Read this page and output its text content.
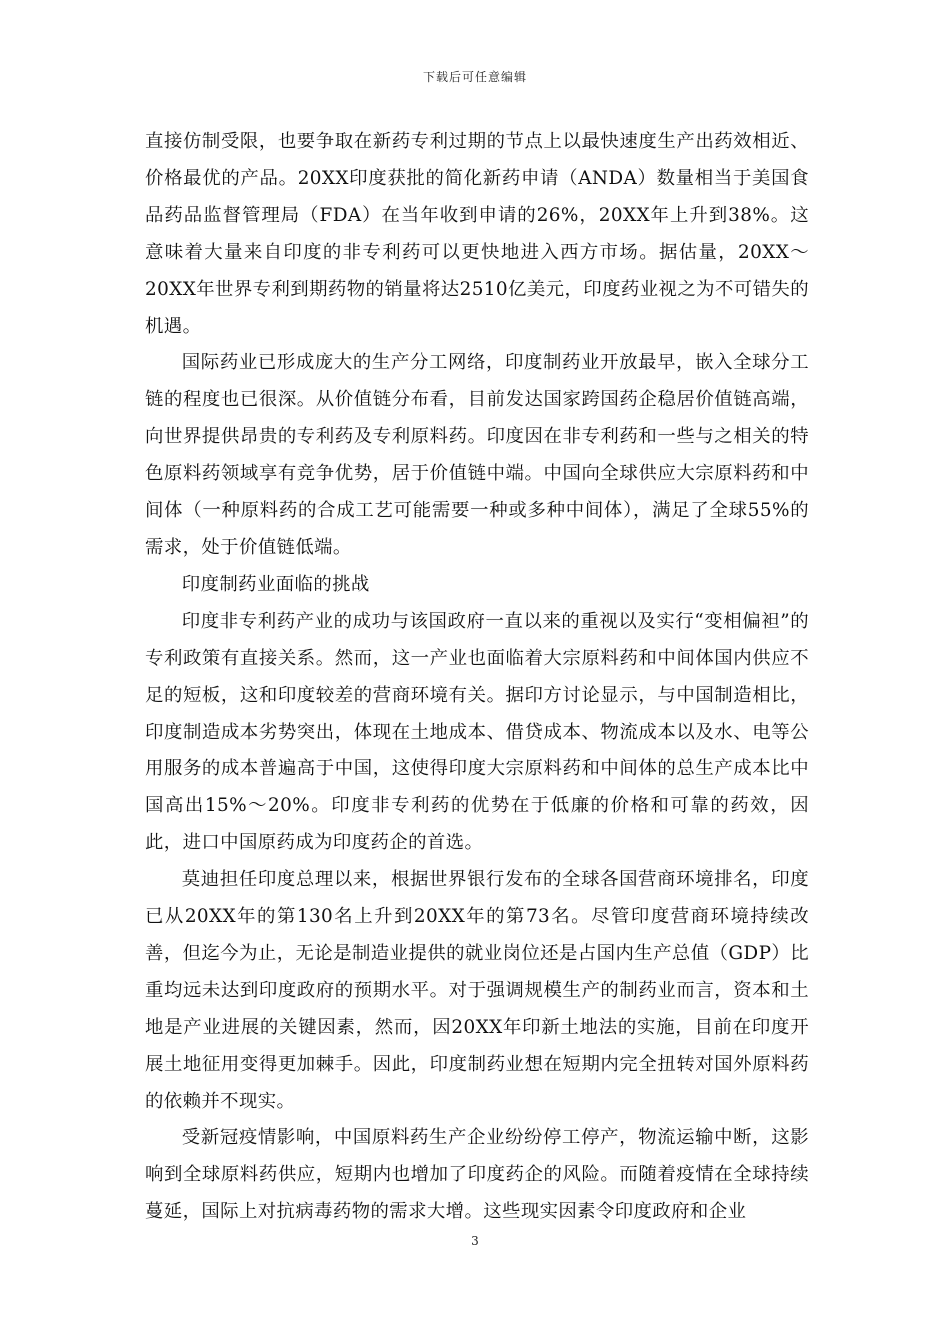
下载后可任意编辑

直接仿制受限，也要争取在新药专利过期的节点上以最快速度生产出药效相近、价格最优的产品。20XX印度获批的简化新药申请（ANDA）数量相当于美国食品药品监督管理局（FDA）在当年收到申请的26%，20XX年上升到38%。这意味着大量来自印度的非专利药可以更快地进入西方市场。据估量，20XX～20XX年世界专利到期药物的销量将达2510亿美元，印度药业视之为不可错失的机遇。

国际药业已形成庞大的生产分工网络，印度制药业开放最早，嵌入全球分工链的程度也已很深。从价值链分布看，目前发达国家跨国药企稳居价值链高端，向世界提供昂贵的专利药及专利原料药。印度因在非专利药和一些与之相关的特色原料药领域享有竞争优势，居于价值链中端。中国向全球供应大宗原料药和中间体（一种原料药的合成工艺可能需要一种或多种中间体），满足了全球55%的需求，处于价值链低端。

印度制药业面临的挑战

印度非专利药产业的成功与该国政府一直以来的重视以及实行“变相偏袒”的专利政策有直接关系。然而，这一产业也面临着大宗原料药和中间体国内供应不足的短板，这和印度较差的营商环境有关。据印方讨论显示，与中国制造相比，印度制造成本劣势突出，体现在土地成本、借贷成本、物流成本以及水、电等公用服务的成本普遍高于中国，这使得印度大宗原料药和中间体的总生产成本比中国高出15%～20%。印度非专利药的优势在于低廉的价格和可靠的药效，因此，进口中国原药成为印度药企的首选。

莫迪担任印度总理以来，根据世界银行发布的全球各国营商环境排名，印度已从20XX年的第130名上升到20XX年的第73名。尽管印度营商环境持续改善，但迄今为止，无论是制造业提供的就业岗位还是占国内生产总值（GDP）比重均远未达到印度政府的预期水平。对于强调规模生产的制药业而言，资本和土地是产业进展的关键因素，然而，因20XX年印新土地法的实施，目前在印度开展土地征用变得更加棘手。因此，印度制药业想在短期内完全扭转对国外原料药的依赖并不现实。

受新冠疫情影响，中国原料药生产企业纷纷停工停产，物流运输中断，这影响到全球原料药供应，短期内也增加了印度药企的风险。而随着疫情在全球持续蔓延，国际上对抗病毒药物的需求大增。这些现实因素令印度政府和企业

3
